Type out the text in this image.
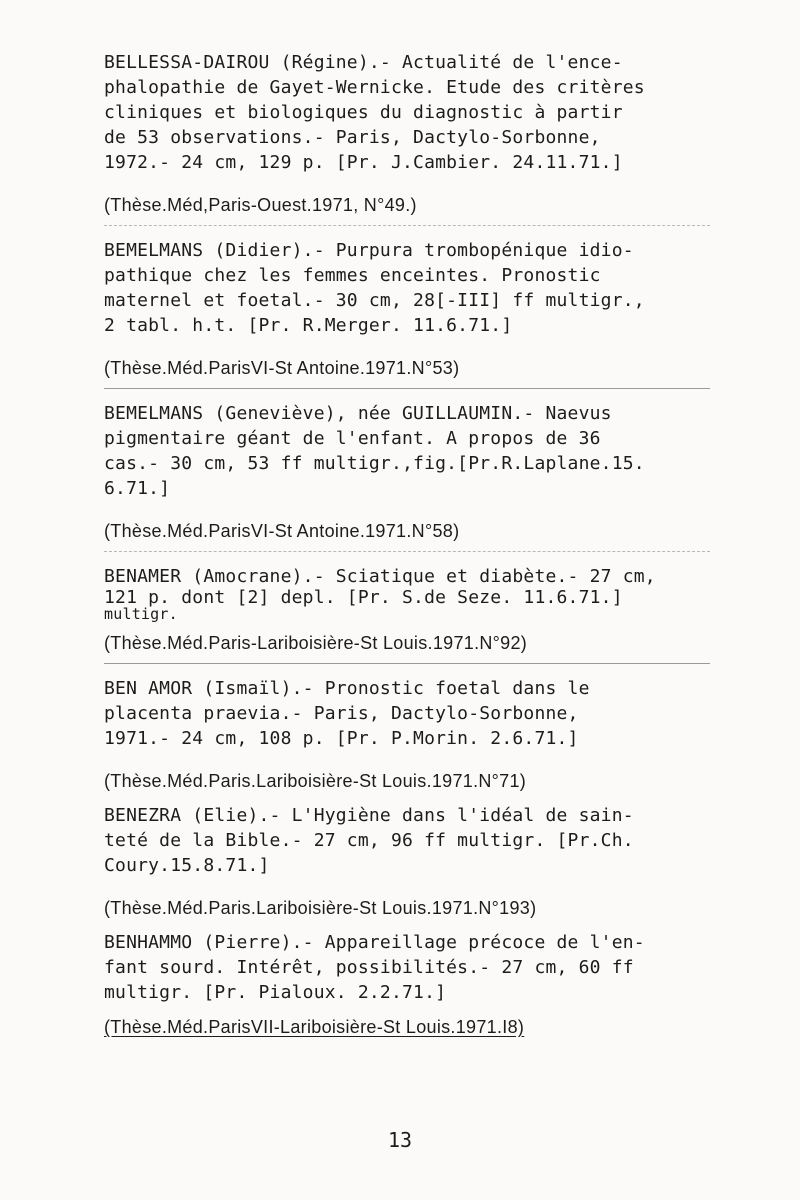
BELLESSA-DAIROU (Régine).- Actualité de l'ence-
phalopathie de Gayet-Wernicke. Etude des critères
cliniques et biologiques du diagnostic à partir
de 53 observations.- Paris, Dactylo-Sorbonne,
1972.- 24 cm, 129 p. [Pr. J.Cambier. 24.11.71.]
(Thèse.Méd,Paris-Ouest.1971, N°49.)
BEMELMANS (Didier).- Purpura trombopénique idio-
pathique chez les femmes enceintes. Pronostic
maternel et foetal.- 30 cm, 28[-III] ff multigr.,
2 tabl. h.t. [Pr. R.Merger. 11.6.71.]
(Thèse.Méd.ParisVI-St Antoine.1971.N°53)
BEMELMANS (Geneviève), née GUILLAUMIN.- Naevus
pigmentaire géant de l'enfant. A propos de 36
cas.- 30 cm, 53 ff multigr.,fig.[Pr.R.Laplane.15.
6.71.]
(Thèse.Méd.ParisVI-St Antoine.1971.N°58)
BENAMER (Amocrane).- Sciatique et diabète.- 27 cm,
121 p. dont [2] depl. [Pr. S.de Seze. 11.6.71.]
multigr.
(Thèse.Méd.Paris-Lariboisière-St Louis.1971.N°92)
BEN AMOR (Ismaïl).- Pronostic foetal dans le
placenta praevia.- Paris, Dactylo-Sorbonne,
1971.- 24 cm, 108 p. [Pr. P.Morin. 2.6.71.]
(Thèse.Méd.Paris.Lariboisière-St Louis.1971.N°71)
BENEZRA (Elie).- L'Hygiène dans l'idéal de sain-
teté de la Bible.- 27 cm, 96 ff multigr. [Pr.Ch.
Coury.15.8.71.]
(Thèse.Méd.Paris.Lariboisière-St Louis.1971.N°193)
BENHAMMO (Pierre).- Appareillage précoce de l'en-
fant sourd. Intérêt, possibilités.- 27 cm, 60 ff
multigr. [Pr. Pialoux. 2.2.71.]
(Thèse.Méd.ParisVII-Lariboisière-St Louis.1971.I8)
13
